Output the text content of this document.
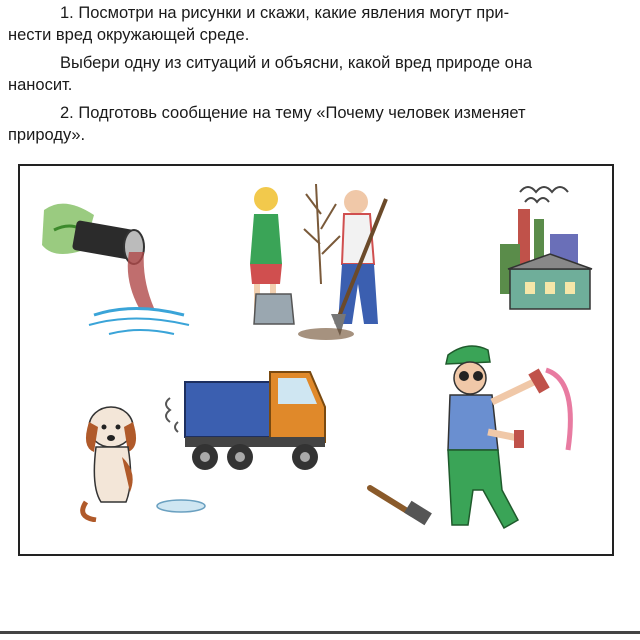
1. Посмотри на рисунки и скажи, какие явления могут при-
нести вред окружающей среде.

Выбери одну из ситуаций и объясни, какой вред природе она
наносит.

2. Подготовь сообщение на тему «Почему человек изменяет
природу».
